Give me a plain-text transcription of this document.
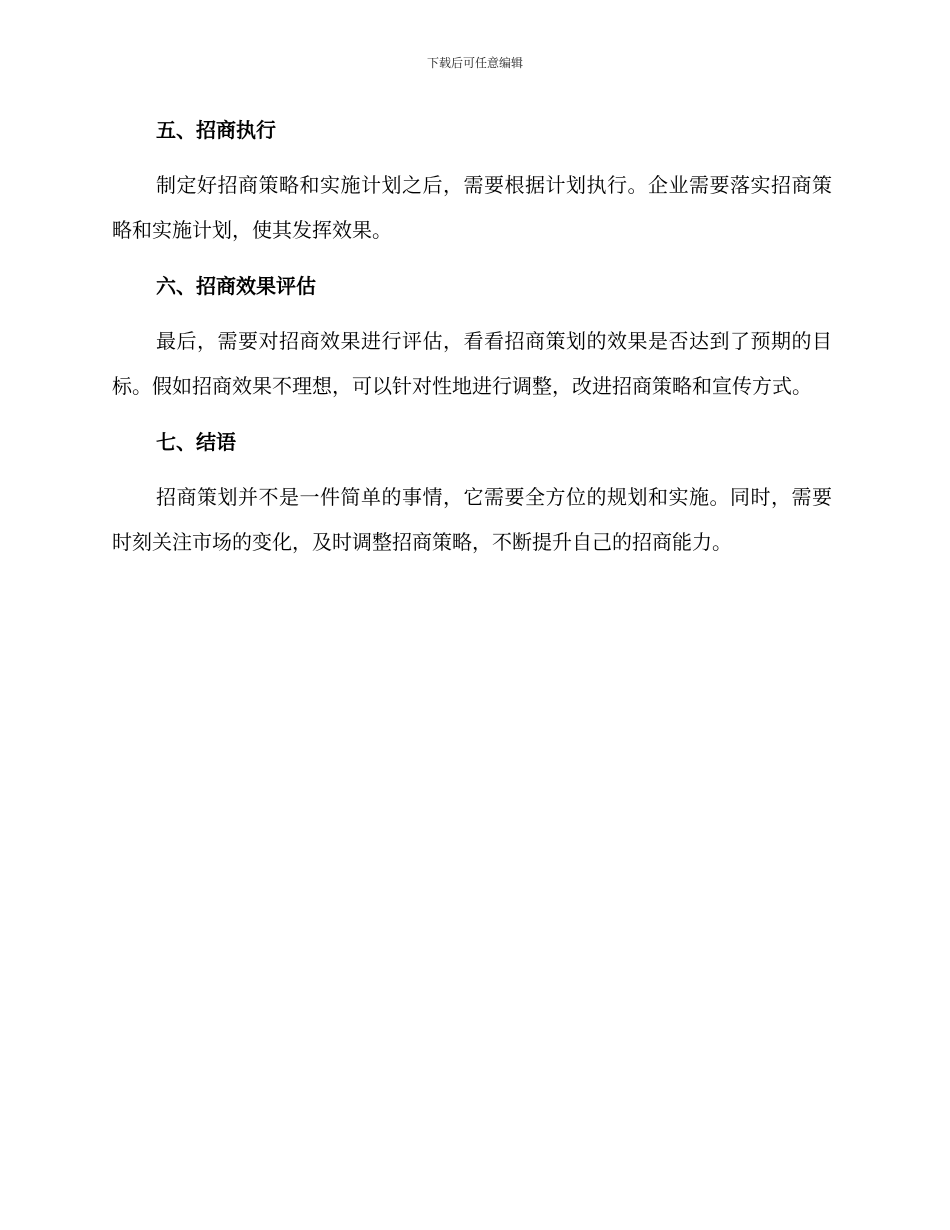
下载后可任意编辑
五、招商执行

制定好招商策略和实施计划之后，需要根据计划执行。企业需要落实招商策略和实施计划，使其发挥效果。

六、招商效果评估

最后，需要对招商效果进行评估，看看招商策划的效果是否达到了预期的目标。假如招商效果不理想，可以针对性地进行调整，改进招商策略和宣传方式。

七、结语

招商策划并不是一件简单的事情，它需要全方位的规划和实施。同时，需要时刻关注市场的变化，及时调整招商策略，不断提升自己的招商能力。
